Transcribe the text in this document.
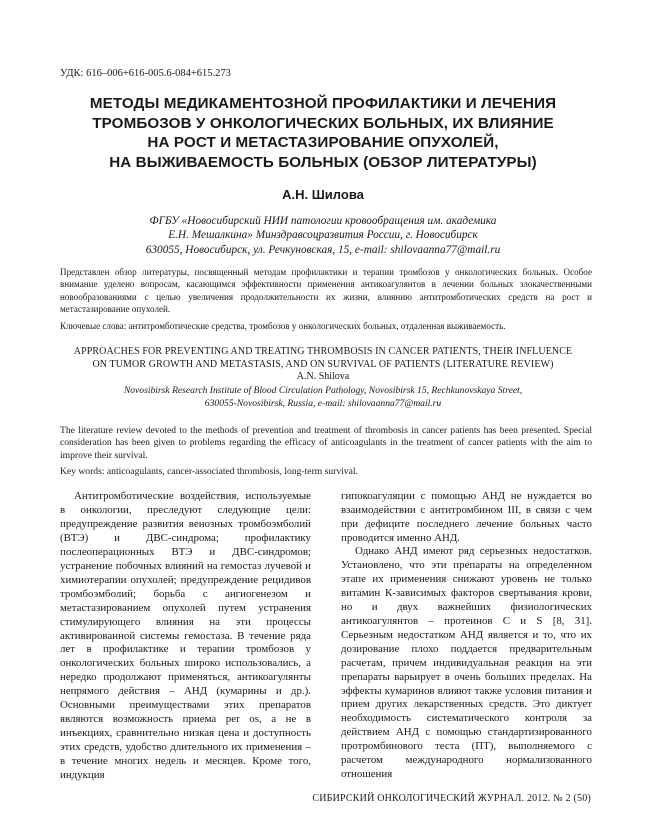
УДК: 616–006+616-005.6-084+615.273
МЕТОДЫ МЕДИКАМЕНТОЗНОЙ ПРОФИЛАКТИКИ И ЛЕЧЕНИЯ
ТРОМБОЗОВ У ОНКОЛОГИЧЕСКИХ БОЛЬНЫХ, ИХ ВЛИЯНИЕ
НА РОСТ И МЕТАСТАЗИРОВАНИЕ ОПУХОЛЕЙ,
НА ВЫЖИВАЕМОСТЬ БОЛЬНЫХ (ОБЗОР ЛИТЕРАТУРЫ)
А.Н. Шилова
ФГБУ «Новосибирский НИИ патологии кровообращения им. академика
Е.Н. Мешалкина» Минздравсоцразвития России, г. Новосибирск
630055, Новосибирск, ул. Речкуновская, 15, e-mail: shilovaanna77@mail.ru

Представлен обзор литературы, посвященный методам профилактики и терапии тромбозов у онкологических больных. Особое внимание уделено вопросам, касающимся эффективности применения антикоагулянтов в лечении больных злокачественными новообразованиями с целью увеличения продолжительности их жизни, влиянию антитромботических средств на рост и метастазирование опухолей.

Ключевые слова: антитромботические средства, тромбозов у онкологических больных, отдаленная выживаемость.

APPROACHES FOR PREVENTING AND TREATING THROMBOSIS IN CANCER PATIENTS, THEIR INFLUENCE
ON TUMOR GROWTH AND METASTASIS, AND ON SURVIVAL OF PATIENTS (LITERATURE REVIEW)
A.N. Shilova
Novosibirsk Research Institute of Blood Circulation Pathology, Novosibirsk 15, Rechkunovskaya Street,
630055-Novosibirsk, Russia, e-mail: shilovaanna77@mail.ru

The literature review devoted to the methods of prevention and treatment of thrombosis in cancer patients has been presented. Special consideration has been given to problems regarding the efficacy of anticoagulants in the treatment of cancer patients with the aim to improve their survival.

Key words: anticoagulants, cancer-associated thrombosis, long-term survival.

Антитромботические воздействия, используемые в онкологии, преследуют следующие цели: предупреждение развития венозных тромбоэмболий (ВТЭ) и ДВС-синдрома; профилактику послеоперационных ВТЭ и ДВС-синдромов; устранение побочных влияний на гемостаз лучевой и химиотерапии опухолей; предупреждение рецидивов тромбоэмболий; борьба с ангиогенезом и метастазированием опухолей путем устранения стимулирующего влияния на эти процессы активированной системы гемостаза. В течение ряда лет в профилактике и терапии тромбозов у онкологических больных широко использовались, а нередко продолжают применяться, антикоагулянты непрямого действия – АНД (кумарины и др.). Основными преимуществами этих препаратов являются возможность приема per os, а не в инъекциях, сравнительно низкая цена и доступность этих средств, удобство длительного их применения – в течение многих недель и месяцев. Кроме того, индукция

гипокоагуляции с помощью АНД не нуждается во взаимодействии с антитромбином III, в связи с чем при дефиците последнего лечение больных часто проводится именно АНД.

Однако АНД имеют ряд серьезных недостатков. Установлено, что эти препараты на определенном этапе их применения снижают уровень не только витамин К-зависимых факторов свертывания крови, но и двух важнейших физиологических антикоагулянтов – протеинов С и S [8, 31]. Серьезным недостатком АНД является и то, что их дозирование плохо поддается предварительным расчетам, причем индивидуальная реакция на эти препараты варьирует в очень больших пределах. На эффекты кумаринов влияют также условия питания и прием других лекарственных средств. Это диктует необходимость систематического контроля за действием АНД с помощью стандартизированного протромбинового теста (ПТ), выполняемого с расчетом международного нормализованного отношения

СИБИРСКИЙ ОНКОЛОГИЧЕСКИЙ ЖУРНАЛ. 2012. № 2 (50)
